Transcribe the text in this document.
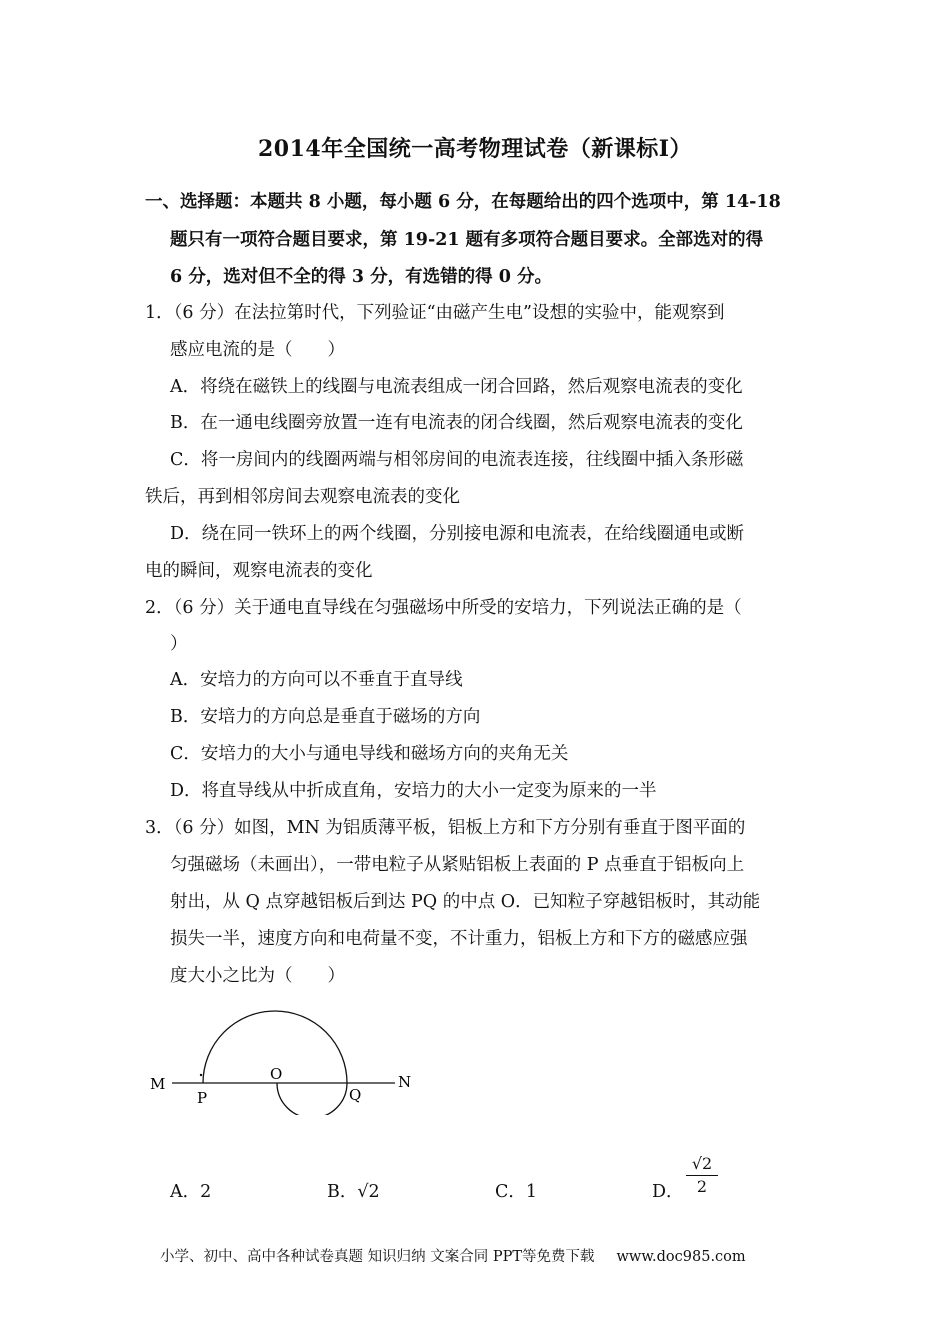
2014年全国统一高考物理试卷（新课标Ⅰ）
一、选择题：本题共 8 小题，每小题 6 分，在每题给出的四个选项中，第 14-18
题只有一项符合题目要求，第 19-21 题有多项符合题目要求。全部选对的得
6 分，选对但不全的得 3 分，有选错的得 0 分。
1．（6 分）在法拉第时代，下列验证“由磁产生电”设想的实验中，能观察到
感应电流的是（　　）
A．将绕在磁铁上的线圈与电流表组成一闭合回路，然后观察电流表的变化
B．在一通电线圈旁放置一连有电流表的闭合线圈，然后观察电流表的变化
C．将一房间内的线圈两端与相邻房间的电流表连接，往线圈中插入条形磁
铁后，再到相邻房间去观察电流表的变化
D．绕在同一铁环上的两个线圈，分别接电源和电流表，在给线圈通电或断
电的瞬间，观察电流表的变化
2．（6 分）关于通电直导线在匀强磁场中所受的安培力，下列说法正确的是（
）
A．安培力的方向可以不垂直于直导线
B．安培力的方向总是垂直于磁场的方向
C．安培力的大小与通电导线和磁场方向的夹角无关
D．将直导线从中折成直角，安培力的大小一定变为原来的一半
3．（6 分）如图，MN 为铝质薄平板，铝板上方和下方分别有垂直于图平面的
匀强磁场（未画出），一带电粒子从紧贴铝板上表面的 P 点垂直于铝板向上
射出，从 Q 点穿越铝板后到达 PQ 的中点 O．已知粒子穿越铝板时，其动能
损失一半，速度方向和电荷量不变，不计重力，铝板上方和下方的磁感应强
度大小之比为（　　）
M	N
P
O
Q
A．2	B．√2	C．1	D．
√2
2
小学、初中、高中各种试卷真题 知识归纳 文案合同 PPT等免费下载 www.doc985.com
